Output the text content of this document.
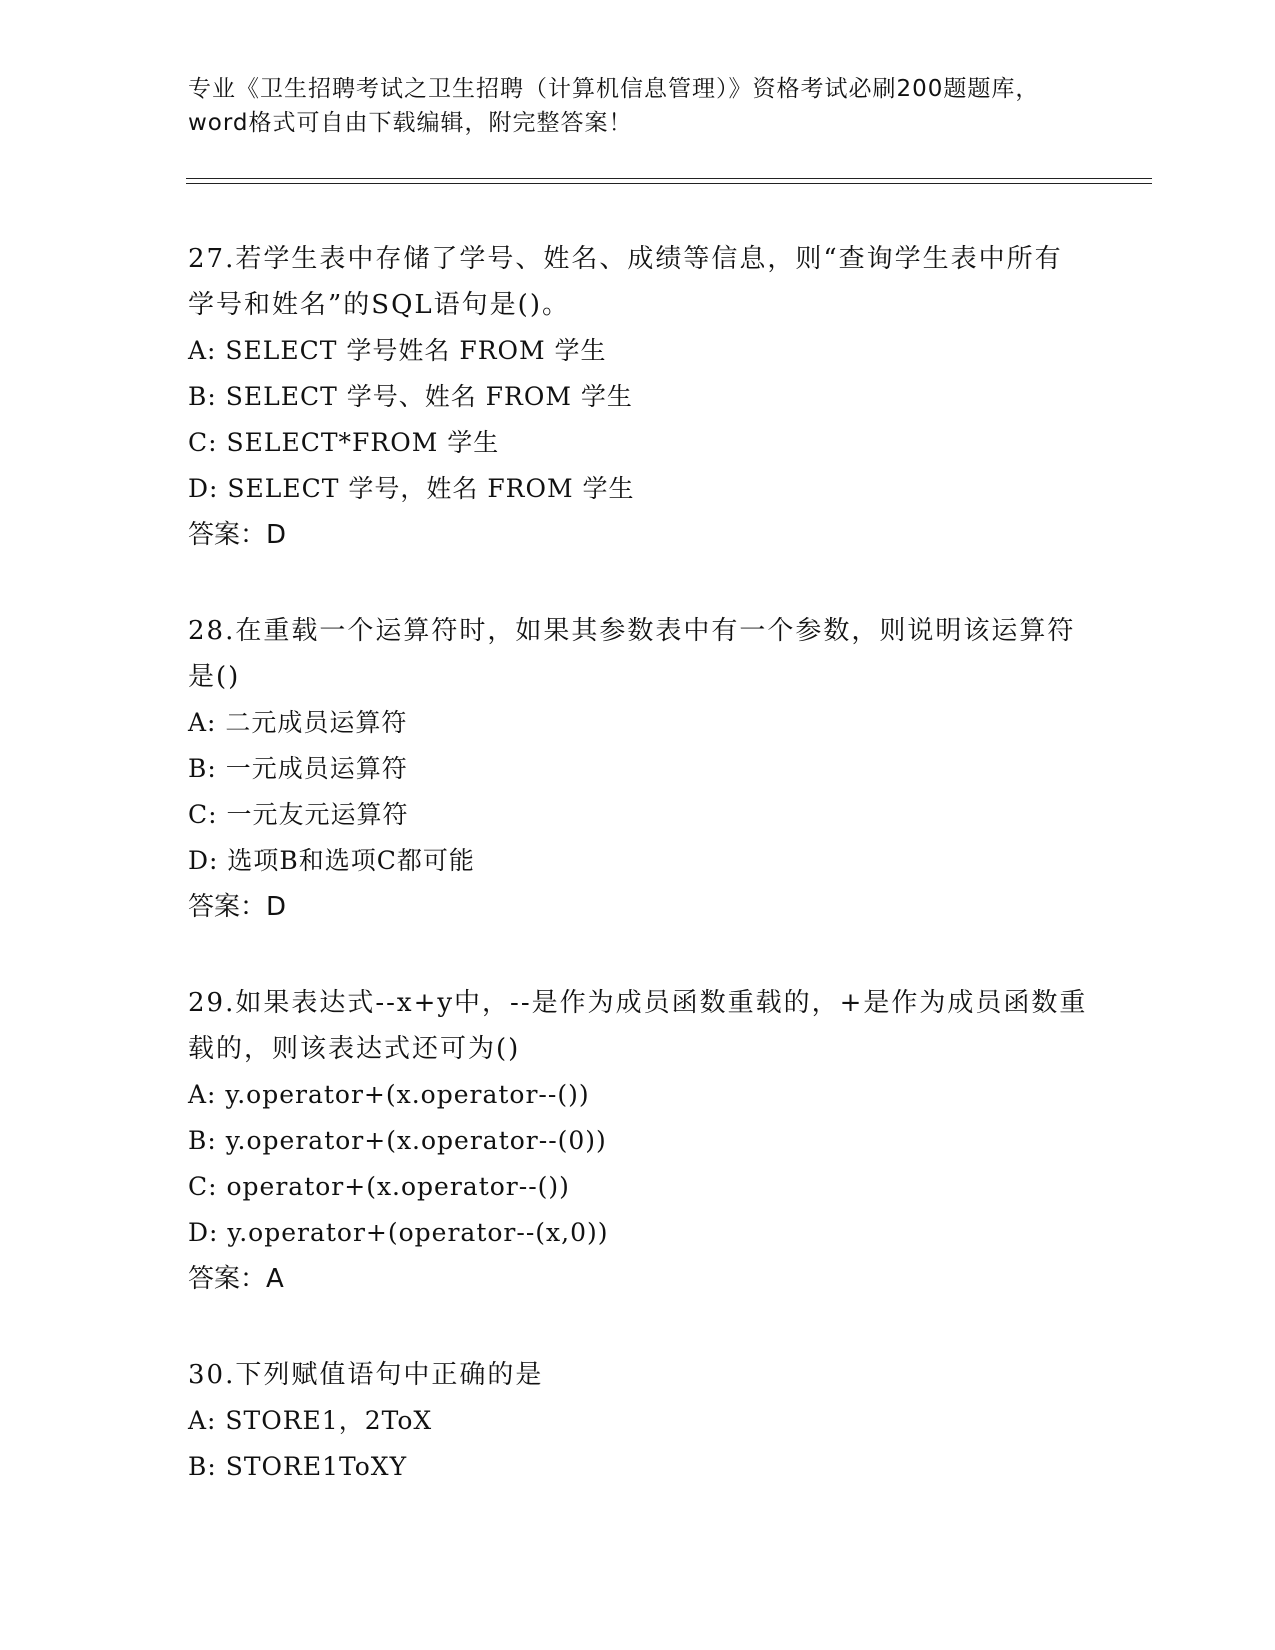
专业《卫生招聘考试之卫生招聘（计算机信息管理）》资格考试必刷200题题库，
word格式可自由下载编辑，附完整答案！

27.若学生表中存储了学号、姓名、成绩等信息，则“查询学生表中所有学号和姓名”的SQL语句是()。

A: SELECT 学号姓名 FROM 学生

B: SELECT 学号、姓名 FROM 学生

C: SELECT*FROM 学生

D: SELECT 学号，姓名 FROM 学生

答案：D

28.在重载一个运算符时，如果其参数表中有一个参数，则说明该运算符是()

A: 二元成员运算符

B: 一元成员运算符

C: 一元友元运算符

D: 选项B和选项C都可能

答案：D

29.如果表达式--x+y中，--是作为成员函数重载的，+是作为成员函数重载的，则该表达式还可为()

A: y.operator+(x.operator--())

B: y.operator+(x.operator--(0))

C: operator+(x.operator--())

D: y.operator+(operator--(x,0))

答案：A

30.下列赋值语句中正确的是

A: STORE1，2ToX

B: STORE1ToXY
